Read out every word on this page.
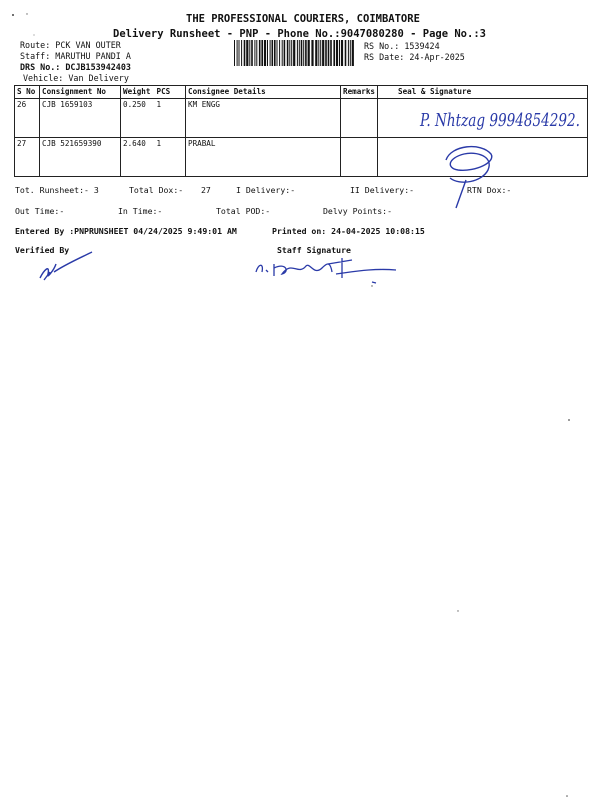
THE PROFESSIONAL COURIERS, COIMBATORE
Delivery Runsheet - PNP - Phone No.:9047080280 - Page No.:3
Route: PCK VAN OUTER
Staff: MARUTHU PANDI A
DRS No.: DCJB153942403
Vehicle: Van Delivery
RS No.: 1539424
RS Date: 24-Apr-2025
S No	Consignment No	Weight	PCS	Consignee Details	Remarks	Seal & Signature
26	CJB 1659103	0.250	1	KM ENGG		
27	CJB 521659390	2.640	1	PRABAL		
Tot. Runsheet:- 3	Total Dox:- 27	I Delivery:-	II Delivery:-	RTN Dox:-
Out Time:-	In Time:-	Total POD:-	Delvy Points:-
Entered By :PNPRUNSHEET 04/24/2025 9:49:01 AM	Printed on: 24-04-2025 10:08:15
Verified By	Staff Signature
P. Nhtzag 9994854292.
